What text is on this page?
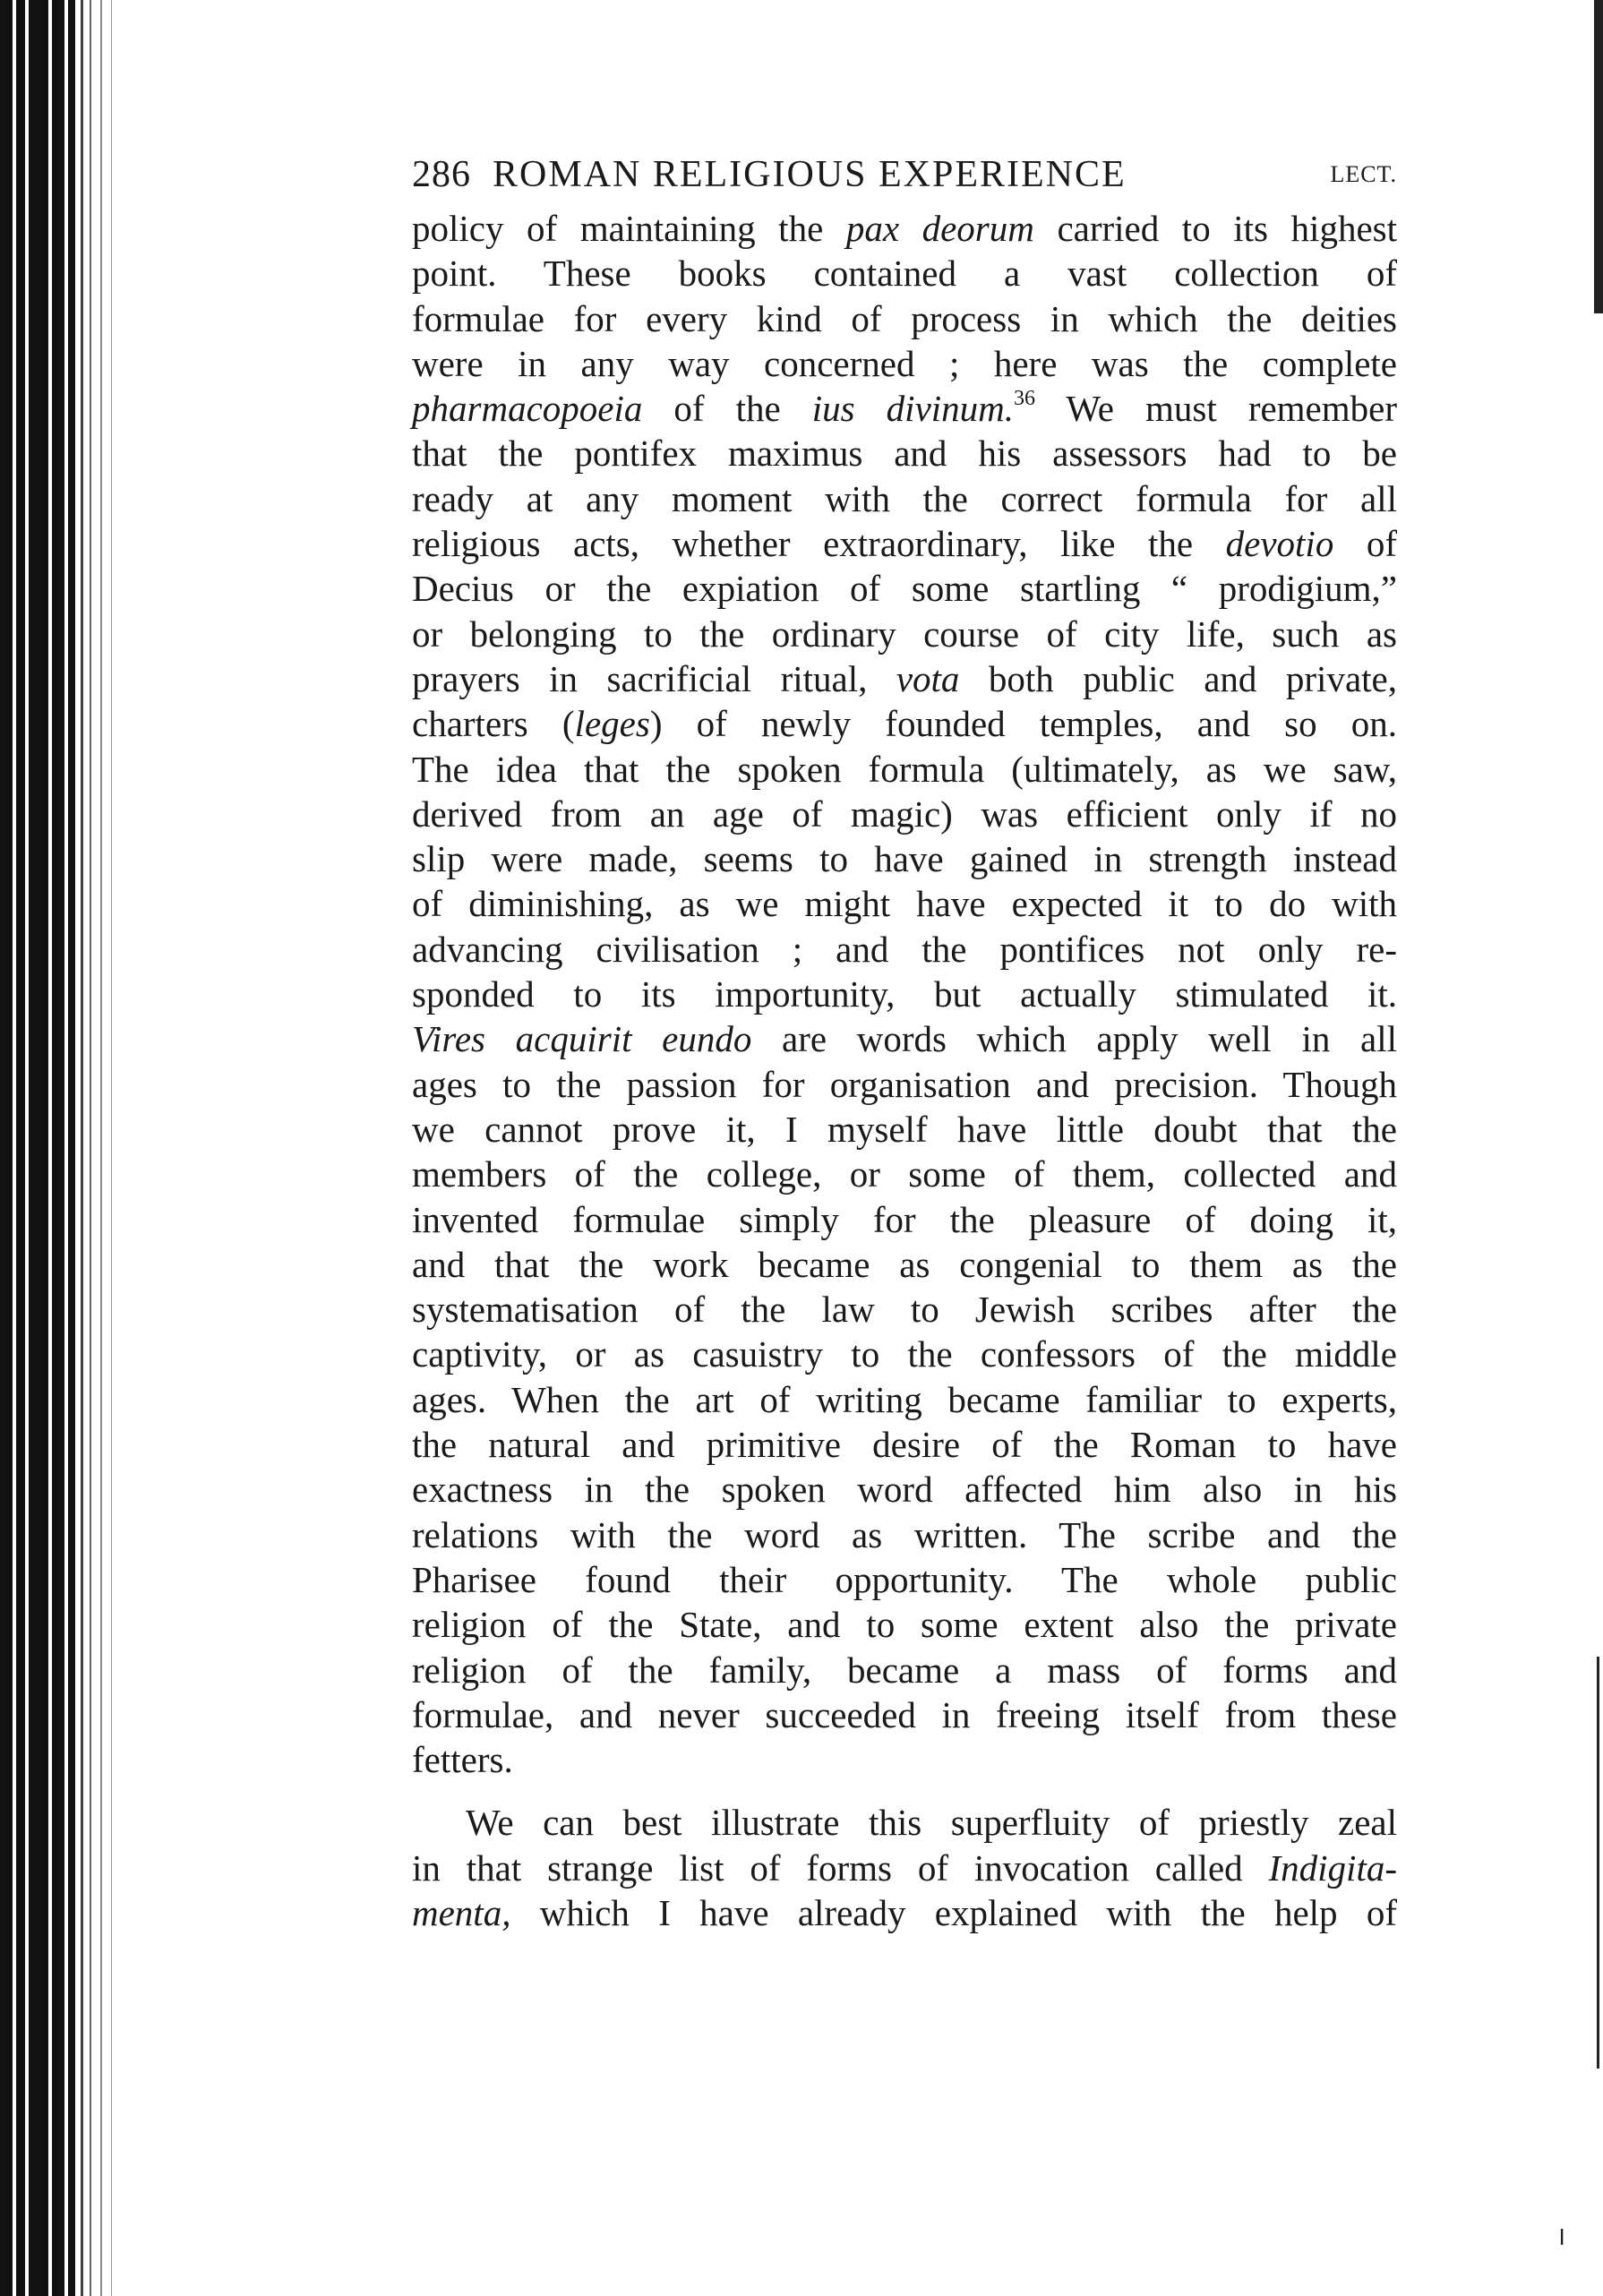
286 ROMAN RELIGIOUS EXPERIENCE	LECT.
policy of maintaining the pax deorum carried to its highest
point. These books contained a vast collection of
formulae for every kind of process in which the deities
were in any way concerned ; here was the complete
pharmacopoeia of the ius divinum.$^{36}$ We must remember
that the pontifex maximus and his assessors had to be
ready at any moment with the correct formula for all
religious acts, whether extraordinary, like the devotio of
Decius or the expiation of some startling “ prodigium,”
or belonging to the ordinary course of city life, such as
prayers in sacrificial ritual, vota both public and private,
charters (leges) of newly founded temples, and so on.
The idea that the spoken formula (ultimately, as we saw,
derived from an age of magic) was efficient only if no
slip were made, seems to have gained in strength instead
of diminishing, as we might have expected it to do with
advancing civilisation ; and the pontifices not only re-
sponded to its importunity, but actually stimulated it.
Vires acquirit eundo are words which apply well in all
ages to the passion for organisation and precision. Though
we cannot prove it, I myself have little doubt that the
members of the college, or some of them, collected and
invented formulae simply for the pleasure of doing it,
and that the work became as congenial to them as the
systematisation of the law to Jewish scribes after the
captivity, or as casuistry to the confessors of the middle
ages. When the art of writing became familiar to experts,
the natural and primitive desire of the Roman to have
exactness in the spoken word affected him also in his
relations with the word as written. The scribe and the
Pharisee found their opportunity. The whole public
religion of the State, and to some extent also the private
religion of the family, became a mass of forms and
formulae, and never succeeded in freeing itself from these
fetters.
We can best illustrate this superfluity of priestly zeal
in that strange list of forms of invocation called Indigita-
menta, which I have already explained with the help of
╵
